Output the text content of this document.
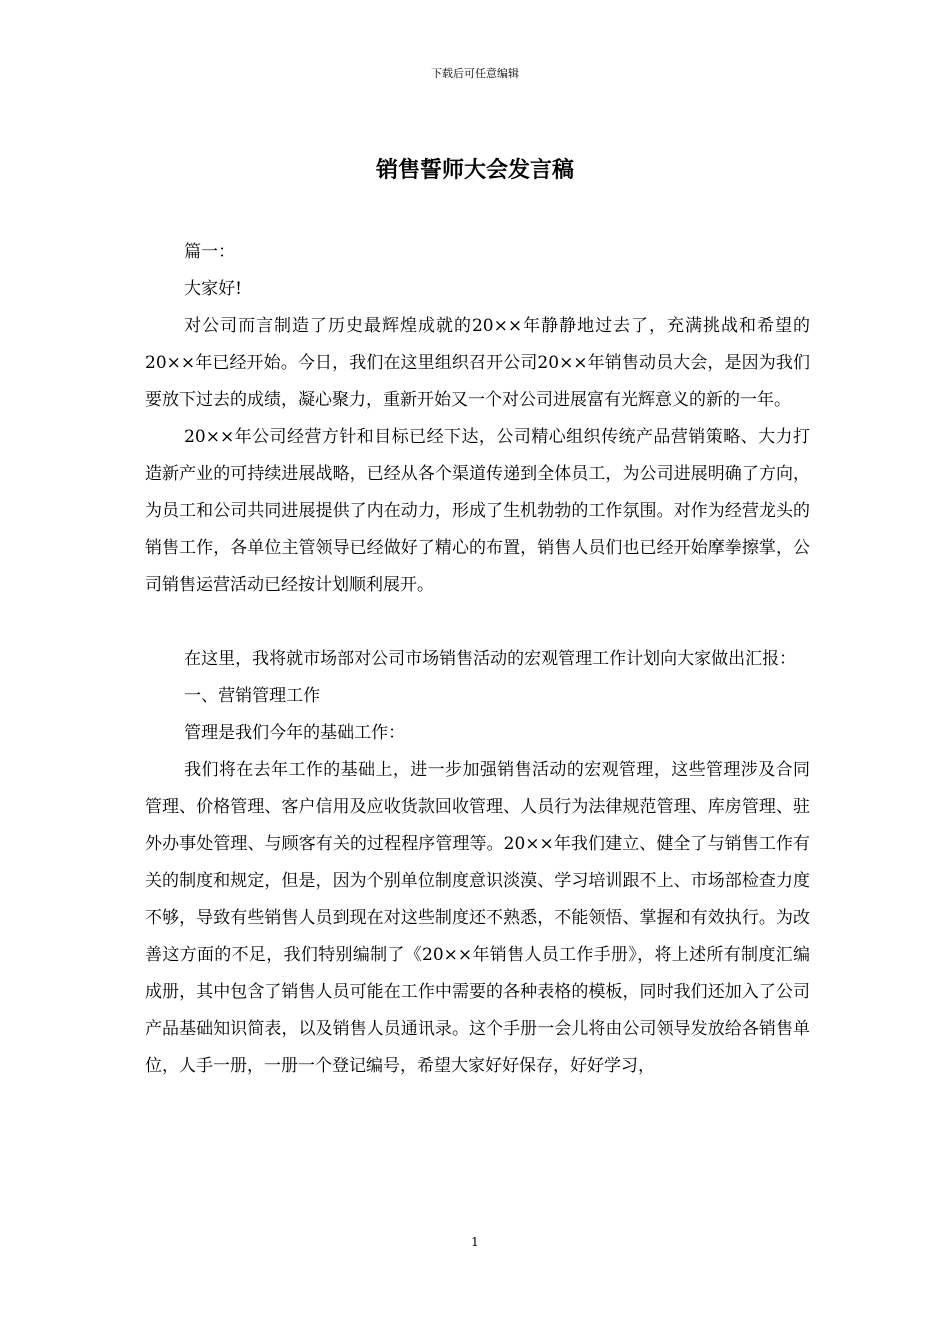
下载后可任意编辑
销售誓师大会发言稿

篇一：

大家好!

对公司而言制造了历史最辉煌成就的20××年静静地过去了，充满挑战和希望的20××年已经开始。今日，我们在这里组织召开公司20××年销售动员大会，是因为我们要放下过去的成绩，凝心聚力，重新开始又一个对公司进展富有光辉意义的新的一年。

20××年公司经营方针和目标已经下达，公司精心组织传统产品营销策略、大力打造新产业的可持续进展战略，已经从各个渠道传递到全体员工，为公司进展明确了方向，为员工和公司共同进展提供了内在动力，形成了生机勃勃的工作氛围。对作为经营龙头的销售工作，各单位主管领导已经做好了精心的布置，销售人员们也已经开始摩拳擦掌，公司销售运营活动已经按计划顺利展开。

在这里，我将就市场部对公司市场销售活动的宏观管理工作计划向大家做出汇报：

一、营销管理工作

管理是我们今年的基础工作：

我们将在去年工作的基础上，进一步加强销售活动的宏观管理，这些管理涉及合同管理、价格管理、客户信用及应收货款回收管理、人员行为法律规范管理、库房管理、驻外办事处管理、与顾客有关的过程程序管理等。20××年我们建立、健全了与销售工作有关的制度和规定，但是，因为个别单位制度意识淡漠、学习培训跟不上、市场部检查力度不够，导致有些销售人员到现在对这些制度还不熟悉，不能领悟、掌握和有效执行。为改善这方面的不足，我们特别编制了《20××年销售人员工作手册》，将上述所有制度汇编成册，其中包含了销售人员可能在工作中需要的各种表格的模板，同时我们还加入了公司产品基础知识简表，以及销售人员通讯录。这个手册一会儿将由公司领导发放给各销售单位，人手一册，一册一个登记编号，希望大家好好保存，好好学习，

1
